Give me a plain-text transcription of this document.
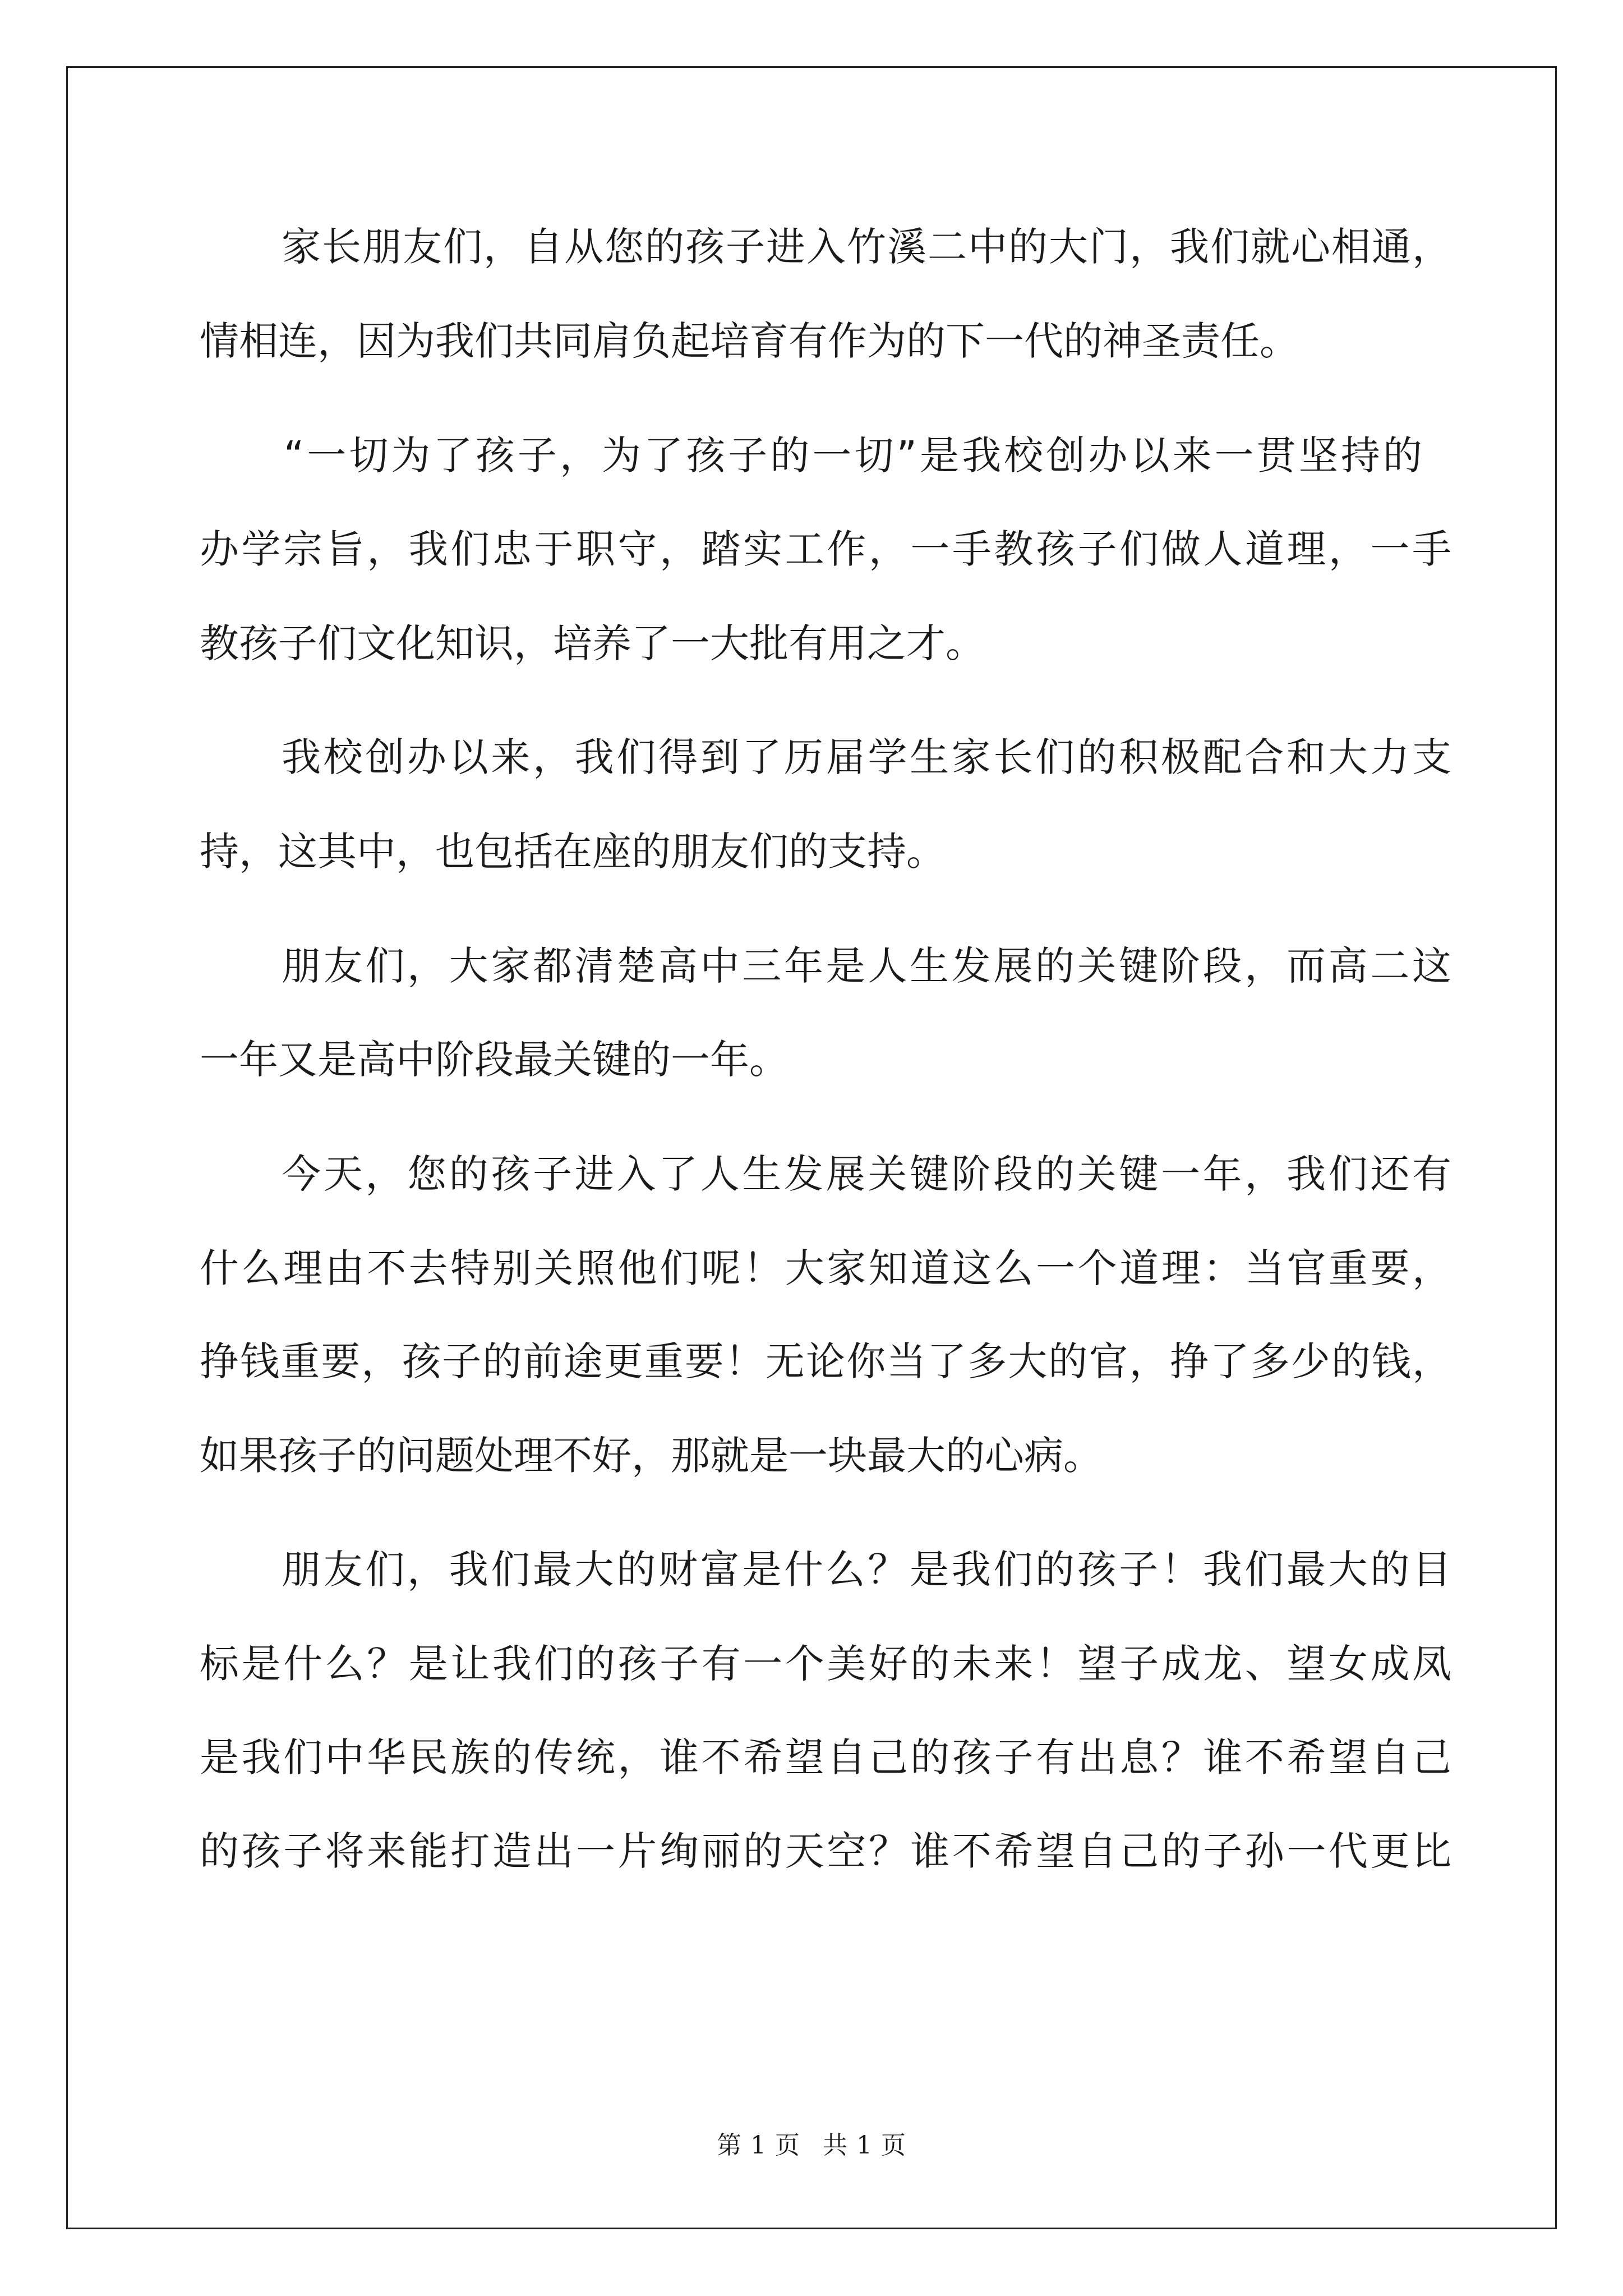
家长朋友们，自从您的孩子进入竹溪二中的大门，我们就心相通，
情相连，因为我们共同肩负起培育有作为的下一代的神圣责任。
“一切为了孩子，为了孩子的一切”是我校创办以来一贯坚持的
办学宗旨，我们忠于职守，踏实工作，一手教孩子们做人道理，一手
教孩子们文化知识，培养了一大批有用之才。
我校创办以来，我们得到了历届学生家长们的积极配合和大力支
持，这其中，也包括在座的朋友们的支持。
朋友们，大家都清楚高中三年是人生发展的关键阶段，而高二这
一年又是高中阶段最关键的一年。
今天，您的孩子进入了人生发展关键阶段的关键一年，我们还有
什么理由不去特别关照他们呢！大家知道这么一个道理：当官重要，
挣钱重要，孩子的前途更重要！无论你当了多大的官，挣了多少的钱，
如果孩子的问题处理不好，那就是一块最大的心病。
朋友们，我们最大的财富是什么？是我们的孩子！我们最大的目
标是什么？是让我们的孩子有一个美好的未来！望子成龙、望女成凤
是我们中华民族的传统，谁不希望自己的孩子有出息？谁不希望自己
的孩子将来能打造出一片绚丽的天空？谁不希望自己的子孙一代更比
第 1 页 共 1 页
